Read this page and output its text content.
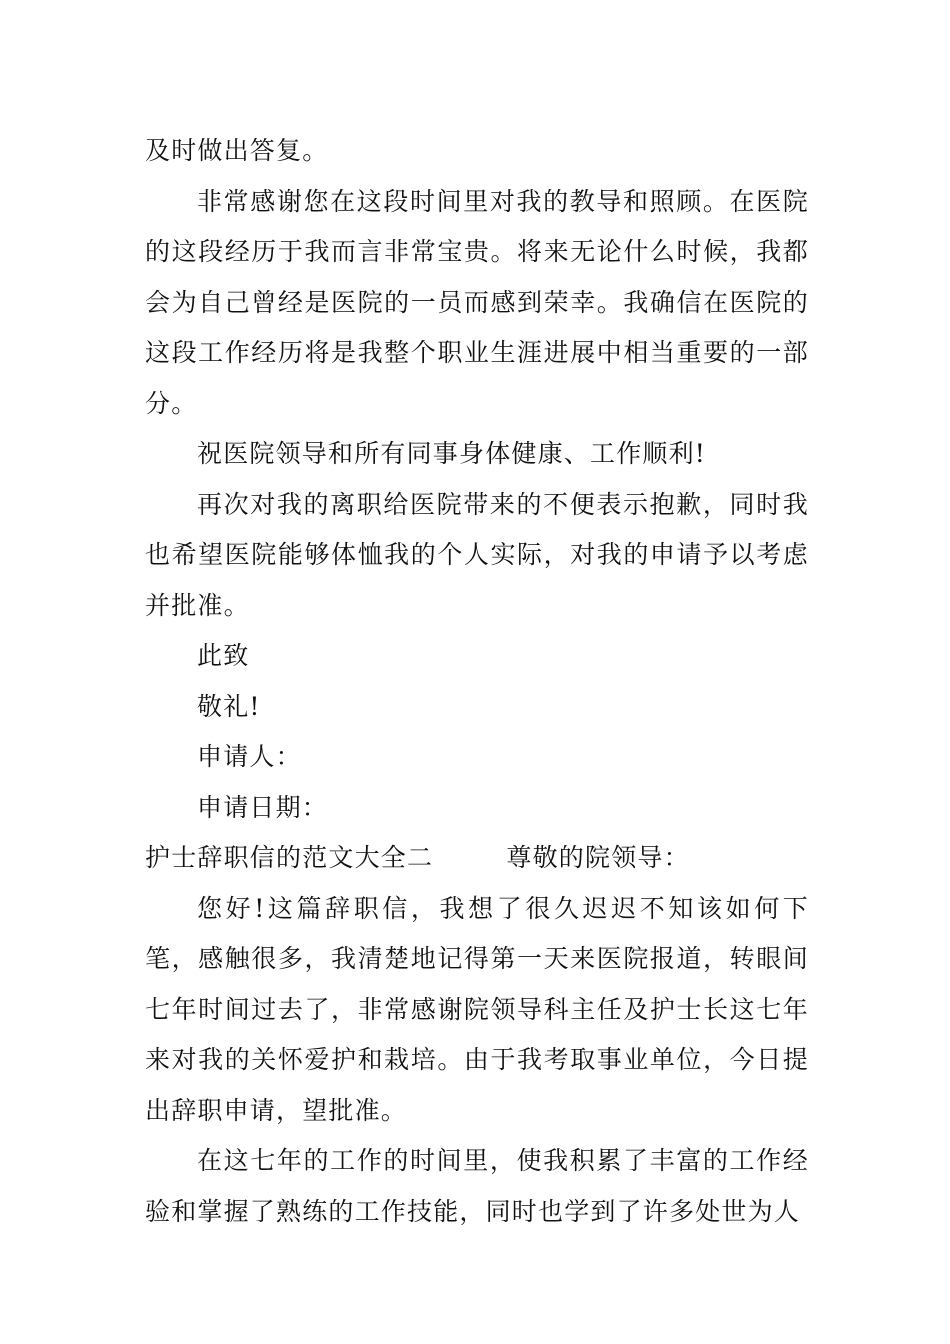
及时做出答复。

非常感谢您在这段时间里对我的教导和照顾。在医院的这段经历于我而言非常宝贵。将来无论什么时候，我都会为自己曾经是医院的一员而感到荣幸。我确信在医院的这段工作经历将是我整个职业生涯进展中相当重要的一部分。

祝医院领导和所有同事身体健康、工作顺利!

再次对我的离职给医院带来的不便表示抱歉，同时我也希望医院能够体恤我的个人实际，对我的申请予以考虑并批准。

此致

敬礼!

申请人：

申请日期：

护士辞职信的范文大全二	尊敬的院领导：

您好!这篇辞职信，我想了很久迟迟不知该如何下笔，感触很多，我清楚地记得第一天来医院报道，转眼间七年时间过去了，非常感谢院领导科主任及护士长这七年来对我的关怀爱护和栽培。由于我考取事业单位，今日提出辞职申请，望批准。

在这七年的工作的时间里，使我积累了丰富的工作经验和掌握了熟练的工作技能，同时也学到了许多处世为人
